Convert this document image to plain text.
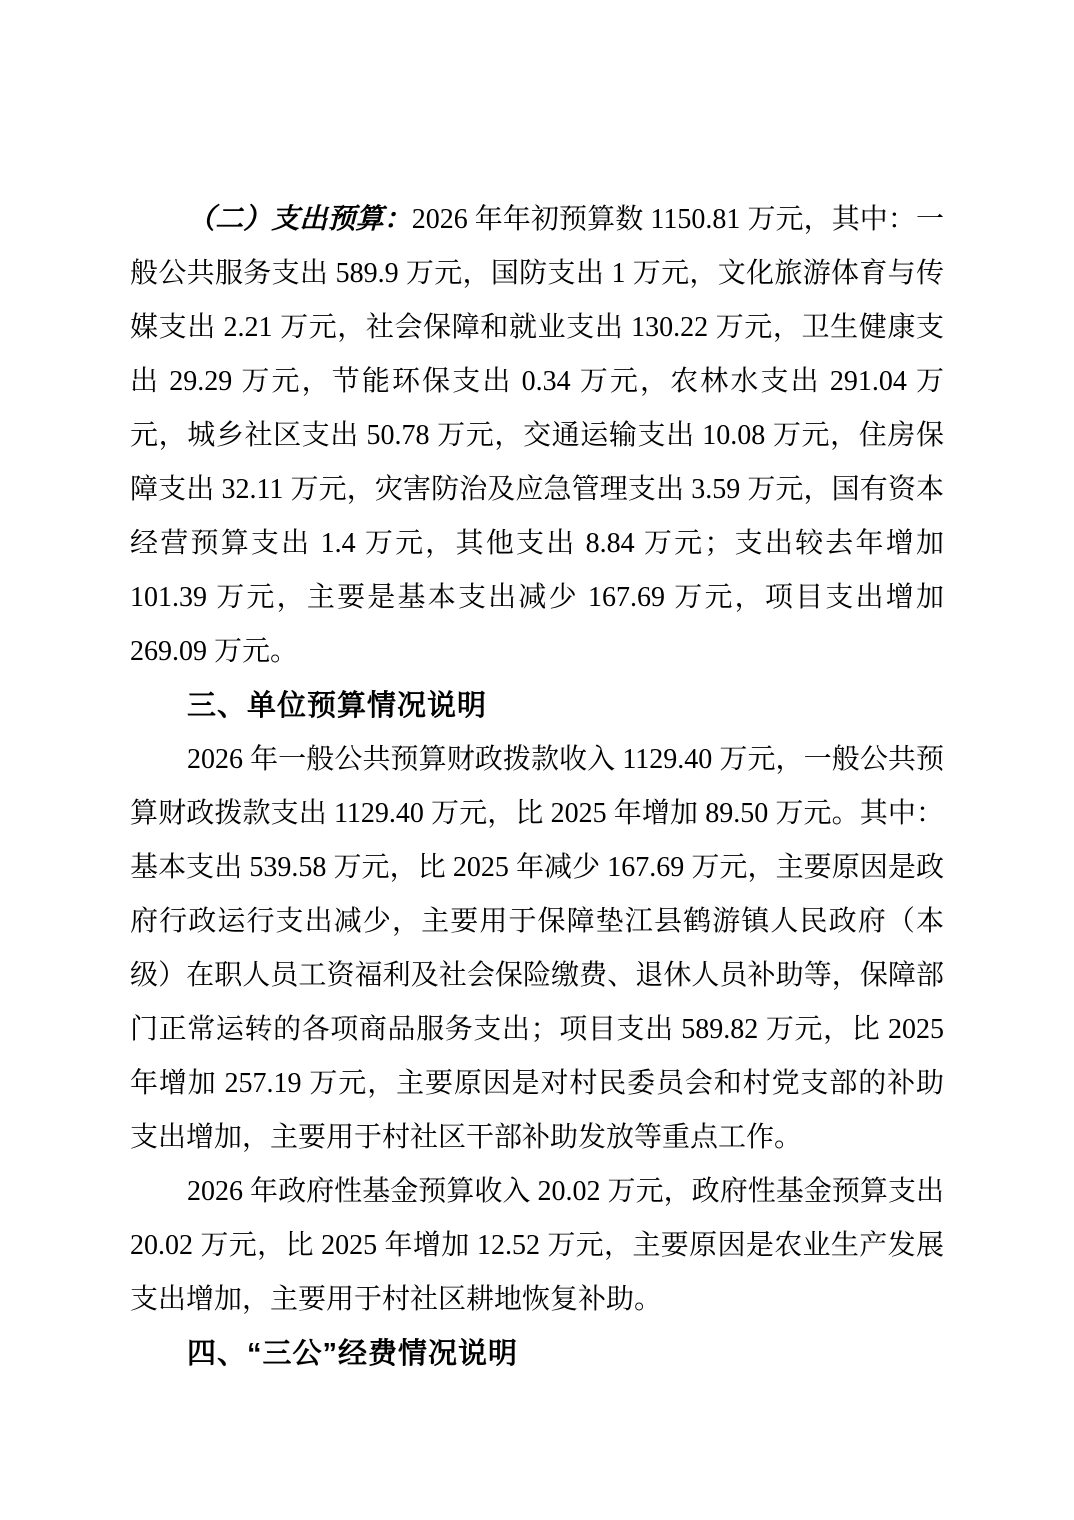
（二）支出预算：2026 年年初预算数 1150.81 万元，其中：一般公共服务支出 589.9 万元，国防支出 1 万元，文化旅游体育与传媒支出 2.21 万元，社会保障和就业支出 130.22 万元，卫生健康支出 29.29 万元，节能环保支出 0.34 万元，农林水支出 291.04 万元，城乡社区支出 50.78 万元，交通运输支出 10.08 万元，住房保障支出 32.11 万元，灾害防治及应急管理支出 3.59 万元，国有资本经营预算支出 1.4 万元，其他支出 8.84 万元；支出较去年增加 101.39 万元，主要是基本支出减少 167.69 万元，项目支出增加 269.09 万元。

三、单位预算情况说明

2026 年一般公共预算财政拨款收入 1129.40 万元，一般公共预算财政拨款支出 1129.40 万元，比 2025 年增加 89.50 万元。其中：基本支出 539.58 万元，比 2025 年减少 167.69 万元，主要原因是政府行政运行支出减少，主要用于保障垫江县鹤游镇人民政府（本级）在职人员工资福利及社会保险缴费、退休人员补助等，保障部门正常运转的各项商品服务支出；项目支出 589.82 万元，比 2025 年增加 257.19 万元，主要原因是对村民委员会和村党支部的补助支出增加，主要用于村社区干部补助发放等重点工作。

2026 年政府性基金预算收入 20.02 万元，政府性基金预算支出 20.02 万元，比 2025 年增加 12.52 万元，主要原因是农业生产发展支出增加，主要用于村社区耕地恢复补助。

四、“三公”经费情况说明
